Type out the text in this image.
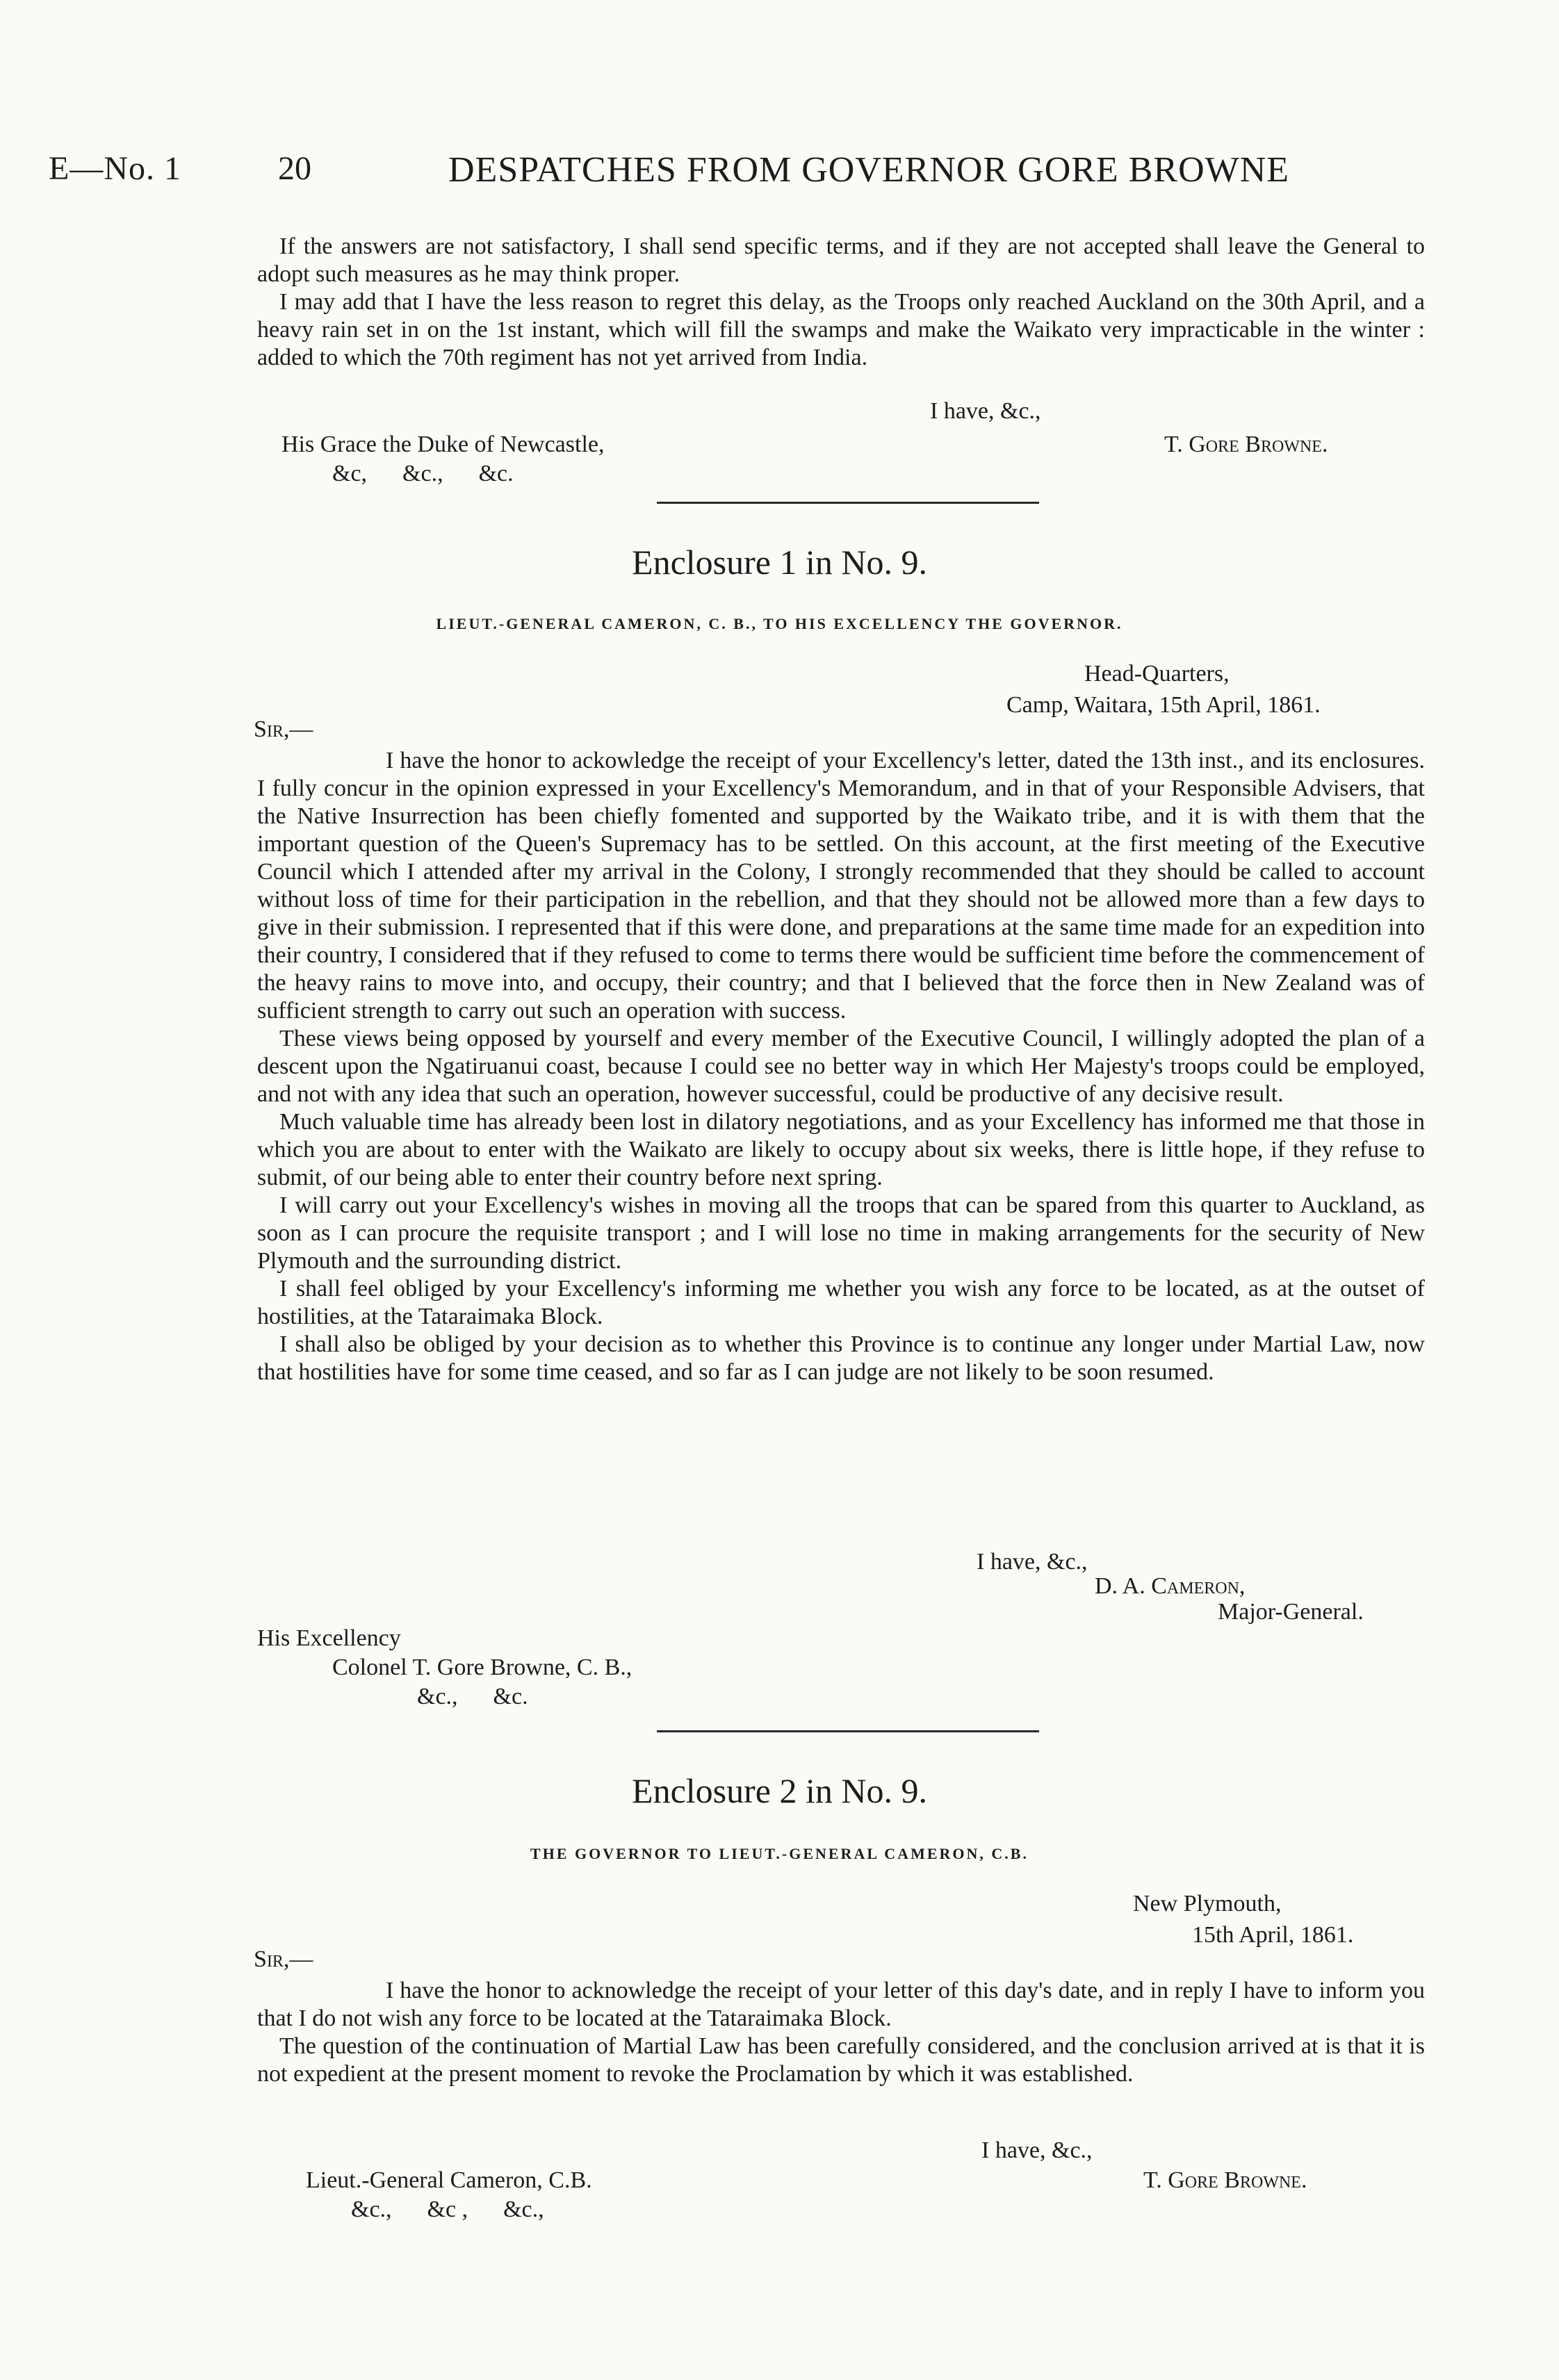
E—No. 1	20	DESPATCHES FROM GOVERNOR GORE BROWNE

If the answers are not satisfactory, I shall send specific terms, and if they are not accepted shall leave the General to adopt such measures as he may think proper.

I may add that I have the less reason to regret this delay, as the Troops only reached Auckland on the 30th April, and a heavy rain set in on the 1st instant, which will fill the swamps and make the Waikato very impracticable in the winter : added to which the 70th regiment has not yet arrived from India.

I have, &c.,
His Grace the Duke of Newcastle,	T. Gore Browne.
&c,      &c.,      &c.
Enclosure 1 in No. 9.
LIEUT.-GENERAL CAMERON, C. B., TO HIS EXCELLENCY THE GOVERNOR.
Head-Quarters,
Camp, Waitara, 15th April, 1861.
Sir,—

I have the honor to ackowledge the receipt of your Excellency's letter, dated the 13th inst., and its enclosures. I fully concur in the opinion expressed in your Excellency's Memorandum, and in that of your Responsible Advisers, that the Native Insurrection has been chiefly fomented and supported by the Waikato tribe, and it is with them that the important question of the Queen's Supremacy has to be settled. On this account, at the first meeting of the Executive Council which I attended after my arrival in the Colony, I strongly recommended that they should be called to account without loss of time for their participation in the rebellion, and that they should not be allowed more than a few days to give in their submission. I represented that if this were done, and preparations at the same time made for an expedition into their country, I considered that if they refused to come to terms there would be sufficient time before the commencement of the heavy rains to move into, and occupy, their country; and that I believed that the force then in New Zealand was of sufficient strength to carry out such an operation with success.

These views being opposed by yourself and every member of the Executive Council, I willingly adopted the plan of a descent upon the Ngatiruanui coast, because I could see no better way in which Her Majesty's troops could be employed, and not with any idea that such an operation, however successful, could be productive of any decisive result.

Much valuable time has already been lost in dilatory negotiations, and as your Excellency has informed me that those in which you are about to enter with the Waikato are likely to occupy about six weeks, there is little hope, if they refuse to submit, of our being able to enter their country before next spring.

I will carry out your Excellency's wishes in moving all the troops that can be spared from this quarter to Auckland, as soon as I can procure the requisite transport ; and I will lose no time in making arrangements for the security of New Plymouth and the surrounding district.

I shall feel obliged by your Excellency's informing me whether you wish any force to be located, as at the outset of hostilities, at the Tataraimaka Block.

I shall also be obliged by your decision as to whether this Province is to continue any longer under Martial Law, now that hostilities have for some time ceased, and so far as I can judge are not likely to be soon resumed.

I have, &c.,
D. A. Cameron,
Major-General.
His Excellency
Colonel T. Gore Browne, C. B.,
&c.,      &c.
Enclosure 2 in No. 9.
THE GOVERNOR TO LIEUT.-GENERAL CAMERON, C.B.
New Plymouth,
15th April, 1861.
Sir,—

I have the honor to acknowledge the receipt of your letter of this day's date, and in reply I have to inform you that I do not wish any force to be located at the Tataraimaka Block.

The question of the continuation of Martial Law has been carefully considered, and the conclusion arrived at is that it is not expedient at the present moment to revoke the Proclamation by which it was established.

I have, &c.,
Lieut.-General Cameron, C.B.	T. Gore Browne.
&c.,      &c ,      &c.,
